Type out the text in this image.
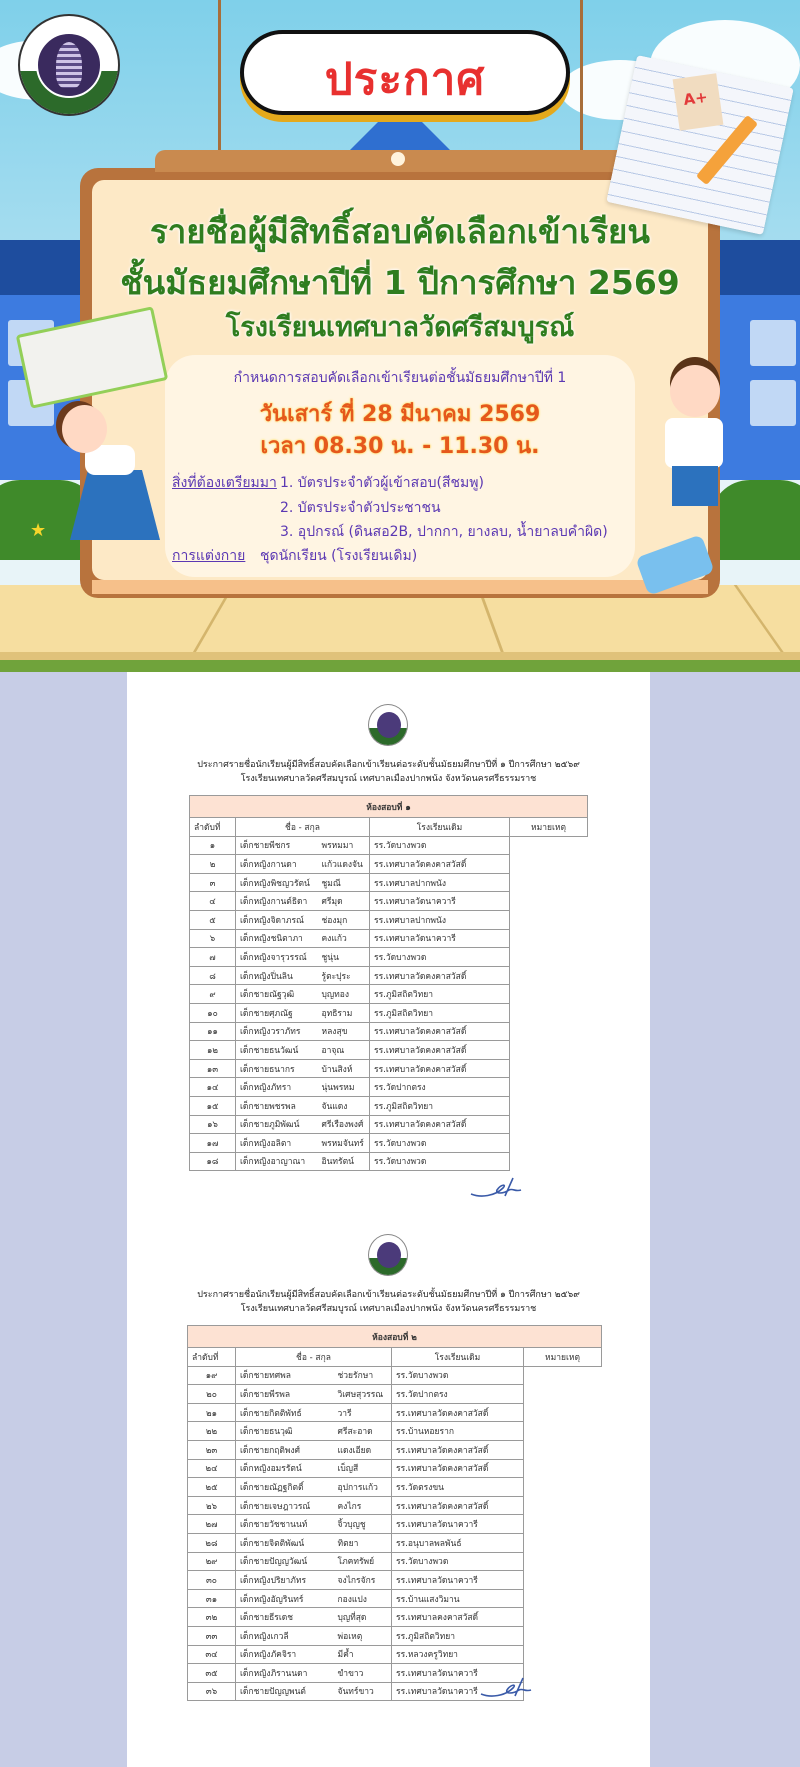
ประกาศ	A+
รายชื่อผู้มีสิทธิ์สอบคัดเลือกเข้าเรียน
ชั้นมัธยมศึกษาปีที่ 1 ปีการศึกษา 2569
โรงเรียนเทศบาลวัดศรีสมบูรณ์
กำหนดการสอบคัดเลือกเข้าเรียนต่อชั้นมัธยมศึกษาปีที่ 1
วันเสาร์ ที่ 28 มีนาคม 2569
เวลา 08.30 น. - 11.30 น.
สิ่งที่ต้องเตรียมมา 1. บัตรประจำตัวผู้เข้าสอบ(สีชมพู)
2. บัตรประจำตัวประชาชน
3. อุปกรณ์ (ดินสอ2B, ปากกา, ยางลบ, น้ำยาลบคำผิด)
การแต่งกาย ชุดนักเรียน (โรงเรียนเดิม)
★
ประกาศรายชื่อนักเรียนผู้มีสิทธิ์สอบคัดเลือกเข้าเรียนต่อระดับชั้นมัธยมศึกษาปีที่ ๑ ปีการศึกษา ๒๕๖๙
โรงเรียนเทศบาลวัดศรีสมบูรณ์ เทศบาลเมืองปากพนัง จังหวัดนครศรีธรรมราช
ห้องสอบที่ ๑				
ลำดับที่	ชื่อ - สกุล		โรงเรียนเดิม	หมายเหตุ
๑	เด็กชายพีชกร	พรหมมา	รร.วัดบางพวด	

๒	เด็กหญิงกานดา	แก้วแดงจัน	รร.เทศบาลวัดคงคาสวัสดิ์	

๓	เด็กหญิงพิชญวรัตน์	ชูมณี	รร.เทศบาลปากพนัง	

๔	เด็กหญิงกานต์ธิดา	ศรีมุด	รร.เทศบาลวัดนาควารี	

๕	เด็กหญิงจิดาภรณ์	ช่องมุก	รร.เทศบาลปากพนัง	

๖	เด็กหญิงชนิตาภา	คงแก้ว	รร.เทศบาลวัดนาควารี	

๗	เด็กหญิงจารุวรรณ์	ชูนุ่น	รร.วัดบางพวด	

๘	เด็กหญิงปิ่นลิน	รู้ตะปุระ	รร.เทศบาลวัดคงคาสวัสดิ์	

๙	เด็กชายณัฐวุฒิ	บุญทอง	รร.ภูมิสถิตวิทยา	

๑๐	เด็กชายศุภณัฐ	อุทธิราม	รร.ภูมิสถิตวิทยา	

๑๑	เด็กหญิงวราภัทร	หลงสุข	รร.เทศบาลวัดคงคาสวัสดิ์	

๑๒	เด็กชายธนวัฒน์	อาจุณ	รร.เทศบาลวัดคงคาสวัสดิ์	

๑๓	เด็กชายธนากร	บ้านสิงห์	รร.เทศบาลวัดคงคาสวัสดิ์	

๑๔	เด็กหญิงภัทรา	นุ่นพรหม	รร.วัดปากตรง	

๑๕	เด็กชายพชรพล	จันแดง	รร.ภูมิสถิตวิทยา	

๑๖	เด็กชายภูมิพัฒน์	ศรีเรืองพงศ์	รร.เทศบาลวัดคงคาสวัสดิ์	

๑๗	เด็กหญิงอลิตา	พรหมจันทร์	รร.วัดบางพวด	

๑๘	เด็กหญิงอาญาณา	อินทรัตน์	รร.วัดบางพวด	
ประกาศรายชื่อนักเรียนผู้มีสิทธิ์สอบคัดเลือกเข้าเรียนต่อระดับชั้นมัธยมศึกษาปีที่ ๑ ปีการศึกษา ๒๕๖๙
โรงเรียนเทศบาลวัดศรีสมบูรณ์ เทศบาลเมืองปากพนัง จังหวัดนครศรีธรรมราช
ห้องสอบที่ ๒				
ลำดับที่	ชื่อ - สกุล		โรงเรียนเดิม	หมายเหตุ
๑๙	เด็กชายทศพล	ช่วยรักษา	รร.วัดบางพวด	

๒๐	เด็กชายพีรพล	วิเศษสุวรรณ	รร.วัดปากตรง	

๒๑	เด็กชายกิตติพัทธ์	วารี	รร.เทศบาลวัดคงคาสวัสดิ์	

๒๒	เด็กชายธนวุฒิ	ศรีสะอาด	รร.บ้านหอยราก	

๒๓	เด็กชายกฤติพงศ์	แดงเอียด	รร.เทศบาลวัดคงคาสวัสดิ์	

๒๔	เด็กหญิงอมรรัตน์	เบ็ญสี	รร.เทศบาลวัดคงคาสวัสดิ์	

๒๕	เด็กชายณัฏฐกิตติ์	อุปการแก้ว	รร.วัดตรงขน	

๒๖	เด็กชายเจษฎาวรณ์	คงไกร	รร.เทศบาลวัดคงคาสวัสดิ์	

๒๗	เด็กชายวัชชานนท์	จิ้วบุญชู	รร.เทศบาลวัดนาควารี	

๒๘	เด็กชายจิตติพัฒน์	ทิตยา	รร.อนุบาลพลพันธ์	

๒๙	เด็กชายปัญญวัฒน์	โภคทรัพย์	รร.วัดบางพวด	

๓๐	เด็กหญิงปริยาภัทร	จงไกรจักร	รร.เทศบาลวัดนาควารี	

๓๑	เด็กหญิงอัญรินทร์	กองแปง	รร.บ้านแสงวิมาน	

๓๒	เด็กชายธีรเดช	บุญที่สุด	รร.เทศบาลคงคาสวัสดิ์	

๓๓	เด็กหญิงเกวลี	พ่อเหตุ	รร.ภูมิสถิตวิทยา	

๓๔	เด็กหญิงภัคจิรา	มีค้ำ	รร.หลวงครูวิทยา	

๓๕	เด็กหญิงภิรานนดา	ขำขาว	รร.เทศบาลวัดนาควารี	

๓๖	เด็กชายปัญญพนต์	จันทร์ขาว	รร.เทศบาลวัดนาควารี	
